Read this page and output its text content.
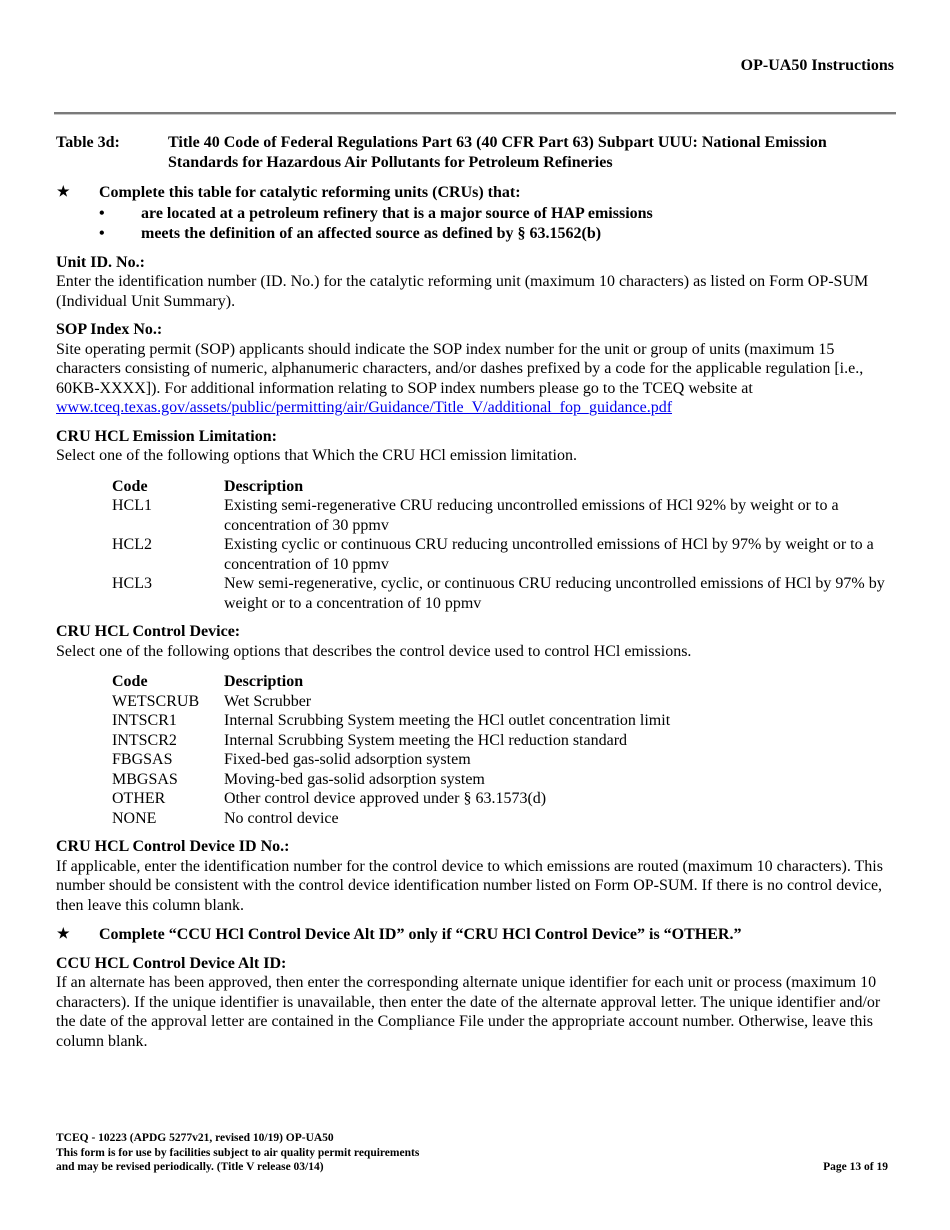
OP-UA50 Instructions
Table 3d:	Title 40 Code of Federal Regulations Part 63 (40 CFR Part 63) Subpart UUU: National Emission Standards for Hazardous Air Pollutants for Petroleum Refineries
★	Complete this table for catalytic reforming units (CRUs) that:
•	are located at a petroleum refinery that is a major source of HAP emissions
•	meets the definition of an affected source as defined by § 63.1562(b)
Unit ID. No.:

Enter the identification number (ID. No.) for the catalytic reforming unit (maximum 10 characters) as listed on Form OP-SUM (Individual Unit Summary).

SOP Index No.:

Site operating permit (SOP) applicants should indicate the SOP index number for the unit or group of units (maximum 15 characters consisting of numeric, alphanumeric characters, and/or dashes prefixed by a code for the applicable regulation [i.e., 60KB-XXXX]). For additional information relating to SOP index numbers please go to the TCEQ website at www.tceq.texas.gov/assets/public/permitting/air/Guidance/Title_V/additional_fop_guidance.pdf

CRU HCL Emission Limitation:

Select one of the following options that Which the CRU HCl emission limitation.

Code	Description
HCL1	Existing semi-regenerative CRU reducing uncontrolled emissions of HCl 92% by weight or to a concentration of 30 ppmv
HCL2	Existing cyclic or continuous CRU reducing uncontrolled emissions of HCl by 97% by weight or to a concentration of 10 ppmv
HCL3	New semi-regenerative, cyclic, or continuous CRU reducing uncontrolled emissions of HCl by 97% by weight or to a concentration of 10 ppmv
CRU HCL Control Device:

Select one of the following options that describes the control device used to control HCl emissions.

Code	Description
WETSCRUB	Wet Scrubber
INTSCR1	Internal Scrubbing System meeting the HCl outlet concentration limit
INTSCR2	Internal Scrubbing System meeting the HCl reduction standard
FBGSAS	Fixed-bed gas-solid adsorption system
MBGSAS	Moving-bed gas-solid adsorption system
OTHER	Other control device approved under § 63.1573(d)
NONE	No control device
CRU HCL Control Device ID No.:

If applicable, enter the identification number for the control device to which emissions are routed (maximum 10 characters). This number should be consistent with the control device identification number listed on Form OP-SUM. If there is no control device, then leave this column blank.

★	Complete “CCU HCl Control Device Alt ID” only if “CRU HCl Control Device” is “OTHER.”
CCU HCL Control Device Alt ID:

If an alternate has been approved, then enter the corresponding alternate unique identifier for each unit or process (maximum 10 characters). If the unique identifier is unavailable, then enter the date of the alternate approval letter. The unique identifier and/or the date of the approval letter are contained in the Compliance File under the appropriate account number. Otherwise, leave this column blank.

TCEQ - 10223 (APDG 5277v21, revised 10/19) OP-UA50
This form is for use by facilities subject to air quality permit requirements
and may be revised periodically. (Title V release 03/14)	Page 13 of 19
